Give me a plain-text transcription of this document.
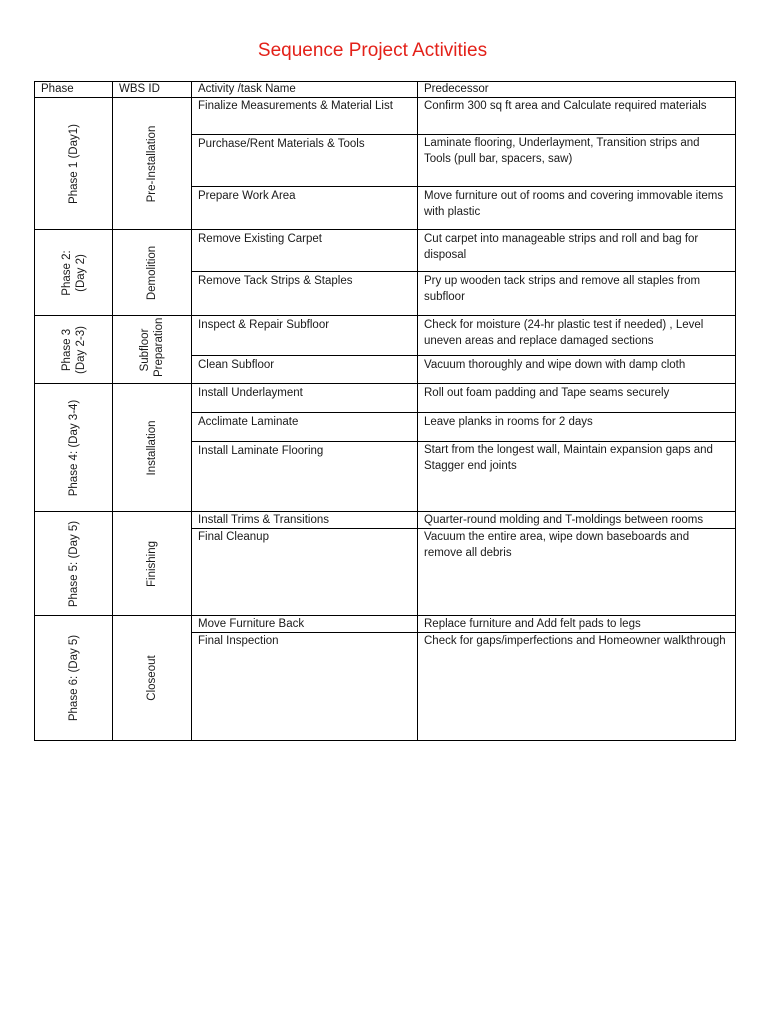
Sequence Project Activities
Phase	WBS ID	Activity /task Name	Predecessor

Phase 1 (Day1)	Pre-Installation	Finalize Measurements & Material List	Confirm 300 sq ft area and Calculate required materials
		Purchase/Rent Materials & Tools	Laminate flooring, Underlayment, Transition strips and Tools (pull bar, spacers, saw)
		Prepare Work Area	Move furniture out of rooms and covering immovable items with plastic

Phase 2: (Day 2)	Demolition	Remove Existing Carpet	Cut carpet into manageable strips and roll and bag for disposal
		Remove Tack Strips & Staples	Pry up wooden tack strips and remove all staples from subfloor

Phase 3 (Day 2-3)	Subfloor Preparation	Inspect & Repair Subfloor	Check for moisture (24-hr plastic test if needed) , Level uneven areas and replace damaged sections
		Clean Subfloor	Vacuum thoroughly and wipe down with damp cloth

Phase 4: (Day 3-4)	Installation	Install Underlayment	Roll out foam padding and Tape seams securely
		Acclimate Laminate	Leave planks in rooms for 2 days
		Install Laminate Flooring	Start from the longest wall, Maintain expansion gaps and Stagger end joints

Phase 5: (Day 5)	Finishing	Install Trims & Transitions	Quarter-round molding and T-moldings between rooms
		Final Cleanup	Vacuum the entire area, wipe down baseboards and remove all debris

Phase 6: (Day 5)	Closeout	Move Furniture Back	Replace furniture and Add felt pads to legs
		Final Inspection	Check for gaps/imperfections and Homeowner walkthrough
